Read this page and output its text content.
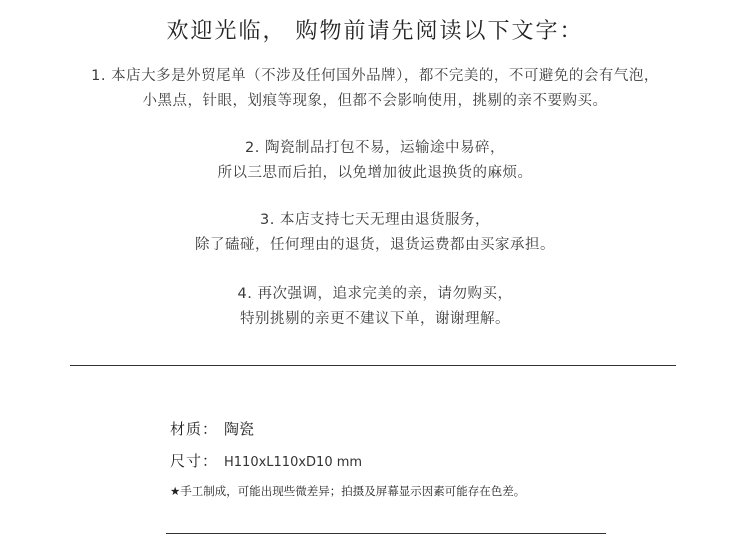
欢迎光临， 购物前请先阅读以下文字：
1. 本店大多是外贸尾单（不涉及任何国外品牌），都不完美的，不可避免的会有气泡，
小黑点，针眼，划痕等现象，但都不会影响使用，挑剔的亲不要购买。
2. 陶瓷制品打包不易，运输途中易碎，
所以三思而后拍，以免增加彼此退换货的麻烦。
3. 本店支持七天无理由退货服务，
除了磕碰，任何理由的退货，退货运费都由买家承担。
4. 再次强调，追求完美的亲，请勿购买，
特别挑剔的亲更不建议下单，谢谢理解。
材质： 陶瓷
尺寸： H110xL110xD10 mm
★手工制成，可能出现些微差异；拍摄及屏幕显示因素可能存在色差。
